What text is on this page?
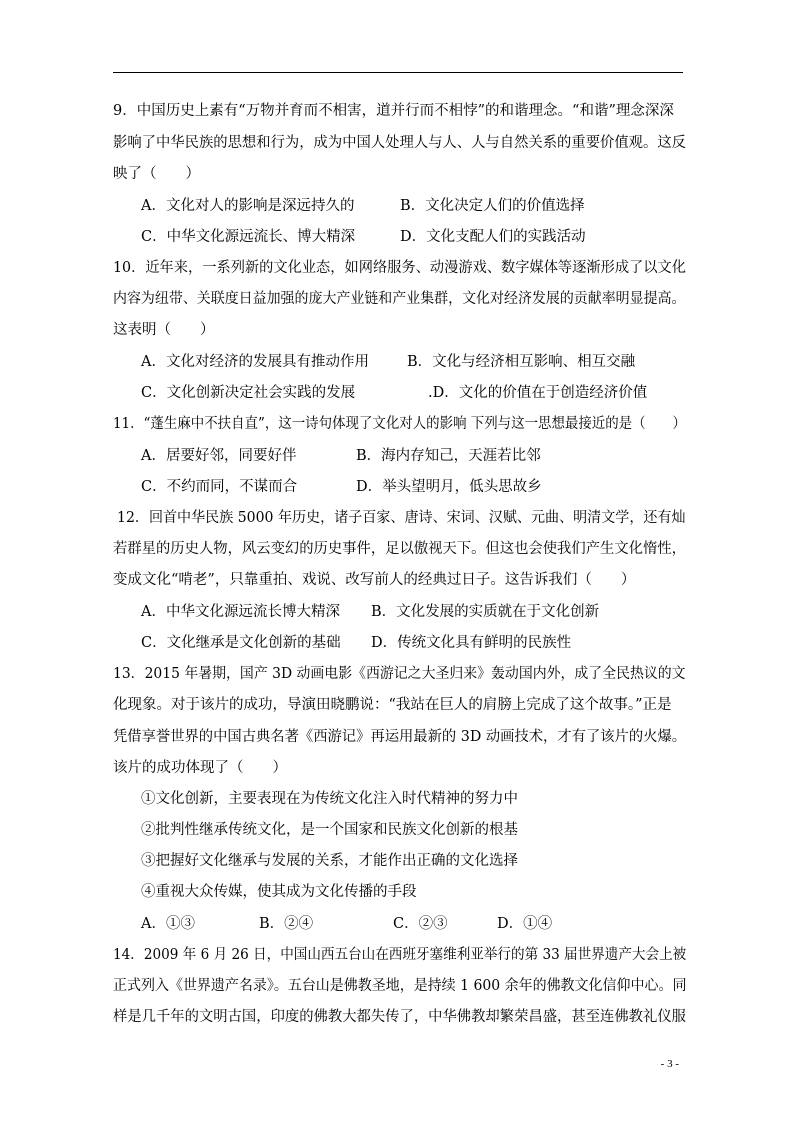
9．中国历史上素有“万物并育而不相害，道并行而不相悖”的和谐理念。“和谐”理念深深
影响了中华民族的思想和行为，成为中国人处理人与人、人与自然关系的重要价值观。这反
映了（　　）
A．文化对人的影响是深远持久的	B．文化决定人们的价值选择
C．中华文化源远流长、博大精深	D．文化支配人们的实践活动
10．近年来，一系列新的文化业态，如网络服务、动漫游戏、数字媒体等逐渐形成了以文化
内容为纽带、关联度日益加强的庞大产业链和产业集群，文化对经济发展的贡献率明显提高。
这表明（　　）
A．文化对经济的发展具有推动作用	B．文化与经济相互影响、相互交融
C．文化创新决定社会实践的发展	.D．文化的价值在于创造经济价值
11．“蓬生麻中不扶自直”，这一诗句体现了文化对人的影响 下列与这一思想最接近的是（　　）
A．居要好邻，同要好伴	B．海内存知己，天涯若比邻
C．不约而同，不谋而合	D．举头望明月，低头思故乡
12．回首中华民族 5000 年历史，诸子百家、唐诗、宋词、汉赋、元曲、明清文学，还有灿
若群星的历史人物，风云变幻的历史事件，足以傲视天下。但这也会使我们产生文化惰性，
变成文化“啃老”，只靠重拍、戏说、改写前人的经典过日子。这告诉我们（　　）
A．中华文化源远流长博大精深 B．文化发展的实质就在于文化创新
C．文化继承是文化创新的基础 D．传统文化具有鲜明的民族性
13．2015 年暑期，国产 3D 动画电影《西游记之大圣归来》轰动国内外，成了全民热议的文
化现象。对于该片的成功，导演田晓鹏说：“我站在巨人的肩膀上完成了这个故事。”正是
凭借享誉世界的中国古典名著《西游记》再运用最新的 3D 动画技术，才有了该片的火爆。
该片的成功体现了（　　）
①文化创新，主要表现在为传统文化注入时代精神的努力中
②批判性继承传统文化，是一个国家和民族文化创新的根基
③把握好文化继承与发展的关系，才能作出正确的文化选择
④重视大众传媒，使其成为文化传播的手段
A．①③	B．②④	C．②③	D．①④
14．2009 年 6 月 26 日，中国山西五台山在西班牙塞维利亚举行的第 33 届世界遗产大会上被
正式列入《世界遗产名录》。五台山是佛教圣地，是持续 1 600 余年的佛教文化信仰中心。同
样是几千年的文明古国，印度的佛教大都失传了，中华佛教却繁荣昌盛，甚至连佛教礼仪服
- 3 -
